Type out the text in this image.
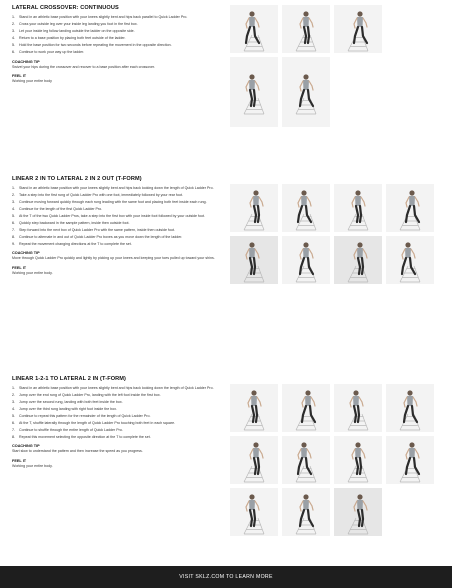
LATERAL CROSSOVER: CONTINUOUS
1.	Stand in an athletic base position with your knees slightly bent and hips back parallel to Quick Ladder Pro.
2.	Cross your outside leg over your inside leg landing you foot in the first box.
3.	Let your inside leg follow landing outside the ladder on the opposite side.
4.	Return to a base position by placing both feet outside of the ladder.
5.	Hold the base position for two seconds before repeating the movement in the opposite direction.
6.	Continue to work your way up the ladder.
COACHING TIP
Swivel your hips during the crossover and recover to a base position after each crossover.
FEEL IT
Working your entire body
LINEAR 2 IN TO LATERAL 2 IN 2 OUT (T-FORM)
1.	Stand in an athletic base position with your knees slightly bent and hips back looking down the length of Quick Ladder Pro.
2.	Take a step into the first rung of Quick Ladder Pro with one foot, immediately followed by your rear foot.
3.	Continue moving forward quickly through each rung leading with the same foot and placing both feet inside each rung.
4.	Continue for the length of the first Quick Ladder Pro.
5.	At the T of the two Quick Ladder Pros, take a step into the first box with your inside foot followed by your outside foot.
6.	Quickly step backward in the sample pattern, inside then outside foot.
7.	Step forward into the next box of Quick Ladder Pro with the same pattern, inside then outside foot.
8.	Continue to alternate in and out of Quick Ladder Pro boxes as you move down the length of the ladder.
9.	Repeat the movement changing directions at the T to complete the set.
COACHING TIP
Move through Quick Ladder Pro quickly and lightly by picking up your knees and keeping your toes pulled up toward your shins.
FEEL IT
Working your entire body.
LINEAR 1-2-1 TO LATERAL 2 IN (T-FORM)
1.	Stand in an athletic base position with your knees slightly bent and hips back looking down the length of Quick Ladder Pro.
2.	Jump over the end rung of Quick Ladder Pro, landing with the left foot inside the first box.
3.	Jump over the second rung, landing with both feet inside the box.
4.	Jump over the third rung landing with right foot inside the box.
5.	Continue to repeat this pattern for the remainder of the length of Quick Ladder Pro.
6.	At the T, shuffle laterally through the length of Quick Ladder Pro touching both feet in each square.
7.	Continue to shuffle through the entire length of Quick Ladder Pro.
8.	Repeat this movement selecting the opposite direction at the T to complete the set.
COACHING TIP
Start slow to understand the pattern and then increase the speed as you progress.
FEEL IT
Working your entire body.
VISIT SKLZ.COM TO LEARN MORE
